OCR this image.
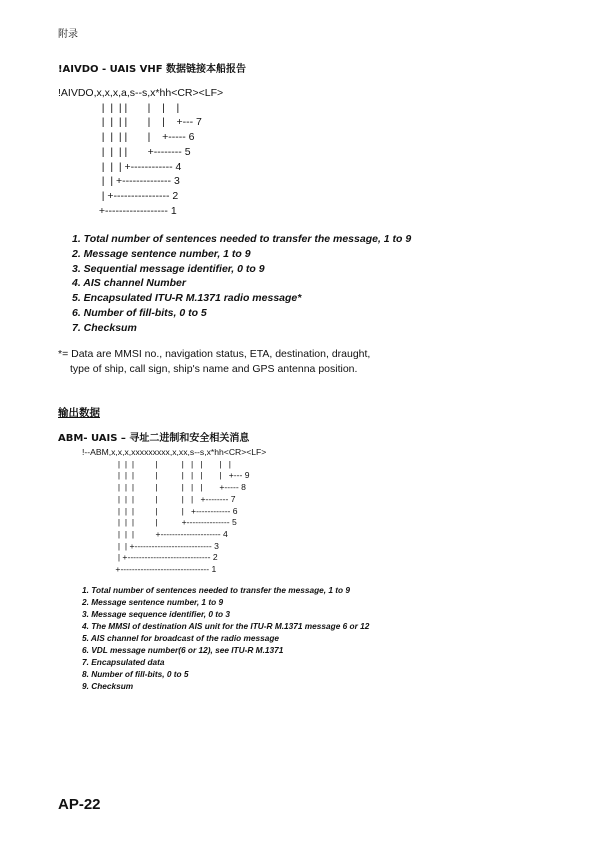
附录
!AIVDO - UAIS VHF 数据链接本船报告
!AIVDO,x,x,x,a,s--s,x*hh<CR><LF>
|  |  | |       |    |    |
|  |  | |       |    |    +--- 7
|  |  | |       |    +----- 6
|  |  | |       +-------- 5
|  |  | +------------ 4
|  | +-------------- 3
| +---------------- 2
+------------------ 1
1. Total number of sentences needed to transfer the message, 1 to 9
2. Message sentence number, 1 to 9
3. Sequential message identifier, 0 to 9
4. AIS channel Number
5. Encapsulated ITU-R M.1371 radio message*
6. Number of fill-bits, 0 to 5
7. Checksum
*= Data are MMSI no., navigation status, ETA, destination, draught,
type of ship, call sign, ship's name and GPS antenna position.
输出数据
ABM- UAIS – 寻址二进制和安全相关消息
!--ABM,x,x,x,xxxxxxxxx,x,xx,s--s,x*hh<CR><LF>
|  |  |         |          |   |   |       |   |
|  |  |         |          |   |   |       |   +--- 9
|  |  |         |          |   |   |       +----- 8
|  |  |         |          |   |   +-------- 7
|  |  |         |          |   +------------ 6
|  |  |         |          +--------------- 5
|  |  |         +--------------------- 4
|  | +--------------------------- 3
| +----------------------------- 2
+------------------------------- 1
1. Total number of sentences needed to transfer the message, 1 to 9
2. Message sentence number, 1 to 9
3. Message sequence identifier, 0 to 3
4. The MMSI of destination AIS unit for the ITU-R M.1371 message 6 or 12
5. AIS channel for broadcast of the radio message
6. VDL message number(6 or 12), see ITU-R M.1371
7. Encapsulated data
8. Number of fill-bits, 0 to 5
9. Checksum
AP-22
